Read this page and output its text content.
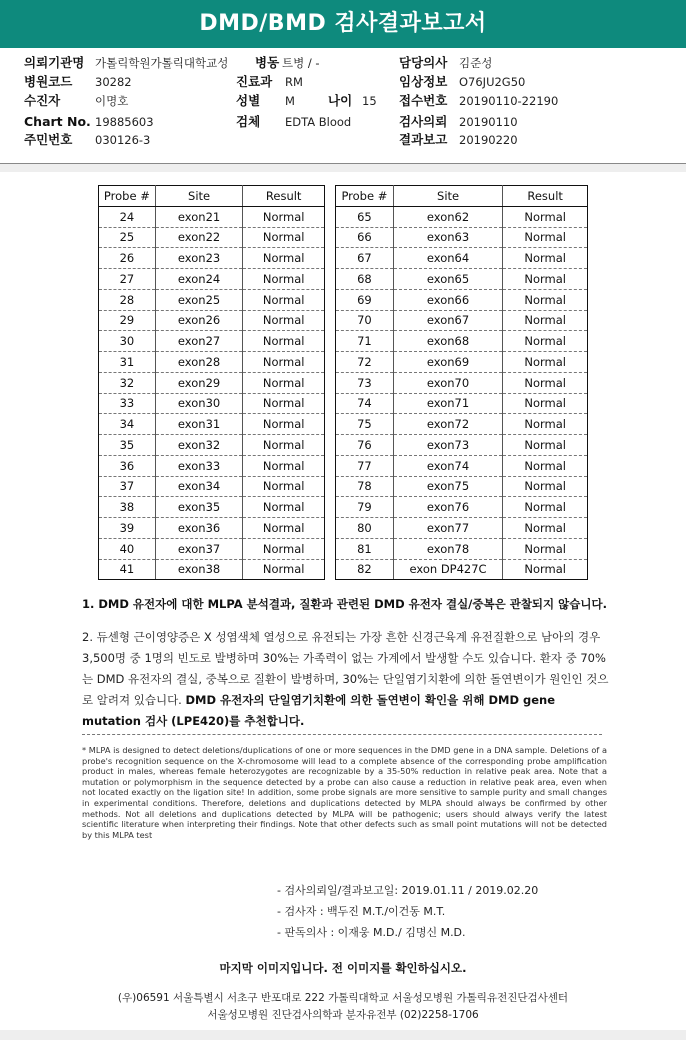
DMD/BMD 검사결과보고서
의뢰기관명 가톨릭학원가톨릭대학교성 병동 트병 / -	담당의사 김준성
병원코드 30282	진료과 RM	임상정보 O76JU2G50
수진자	이명호	성별 M	나이 15 접수번호 20190110-22190
Chart No. 19885603	검체 EDTA Blood	검사의뢰 20190110
주민번호 030126-3	결과보고 20190220
Probe #	Site	Result
24	exon21	Normal
25	exon22	Normal
26	exon23	Normal
27	exon24	Normal
28	exon25	Normal
29	exon26	Normal
30	exon27	Normal
31	exon28	Normal
32	exon29	Normal
33	exon30	Normal
34	exon31	Normal
35	exon32	Normal
36	exon33	Normal
37	exon34	Normal
38	exon35	Normal
39	exon36	Normal
40	exon37	Normal
41	exon38	Normal
Probe #	Site	Result
65	exon62	Normal
66	exon63	Normal
67	exon64	Normal
68	exon65	Normal
69	exon66	Normal
70	exon67	Normal
71	exon68	Normal
72	exon69	Normal
73	exon70	Normal
74	exon71	Normal
75	exon72	Normal
76	exon73	Normal
77	exon74	Normal
78	exon75	Normal
79	exon76	Normal
80	exon77	Normal
81	exon78	Normal
82	exon DP427C	Normal
1. DMD 유전자에 대한 MLPA 분석결과, 질환과 관련된 DMD 유전자 결실/중복은 관찰되지 않습니다.
2. 듀센형 근이영양증은 X 성염색체 열성으로 유전되는 가장 흔한 신경근육계 유전질환으로 남아의 경우 3,500명 중 1명의 빈도로 발병하며 30%는 가족력이 없는 가계에서 발생할 수도 있습니다. 환자 중 70%는 DMD 유전자의 결실, 중복으로 질환이 발병하며, 30%는 단일염기치환에 의한 돌연변이가 원인인 것으로 알려져 있습니다. DMD 유전자의 단일염기치환에 의한 돌연변이 확인을 위해 DMD gene mutation 검사 (LPE420)를 추천합니다.
* MLPA is designed to detect deletions/duplications of one or more sequences in the DMD gene in a DNA sample. Deletions of a probe's recognition sequence on the X-chromosome will lead to a complete absence of the corresponding probe amplification product in males, whereas female heterozygotes are recognizable by a 35-50% reduction in relative peak area. Note that a mutation or polymorphism in the sequence detected by a probe can also cause a reduction in relative peak area, even when not located exactly on the ligation site! In addition, some probe signals are more sensitive to sample purity and small changes in experimental conditions. Therefore, deletions and duplications detected by MLPA should always be confirmed by other methods. Not all deletions and duplications detected by MLPA will be pathogenic; users should always verify the latest scientific literature when interpreting their findings. Note that other defects such as small point mutations will not be detected by this MLPA test
- 검사의뢰일/결과보고일: 2019.01.11 / 2019.02.20
- 검사자 : 백두진 M.T./이건동 M.T.
- 판독의사 : 이재웅 M.D./ 김명신 M.D.
마지막 이미지입니다. 전 이미지를 확인하십시오.
(우)06591 서울특별시 서초구 반포대로 222 가톨릭대학교 서울성모병원 가톨릭유전진단검사센터
서울성모병원 진단검사의학과 분자유전부 (02)2258-1706
